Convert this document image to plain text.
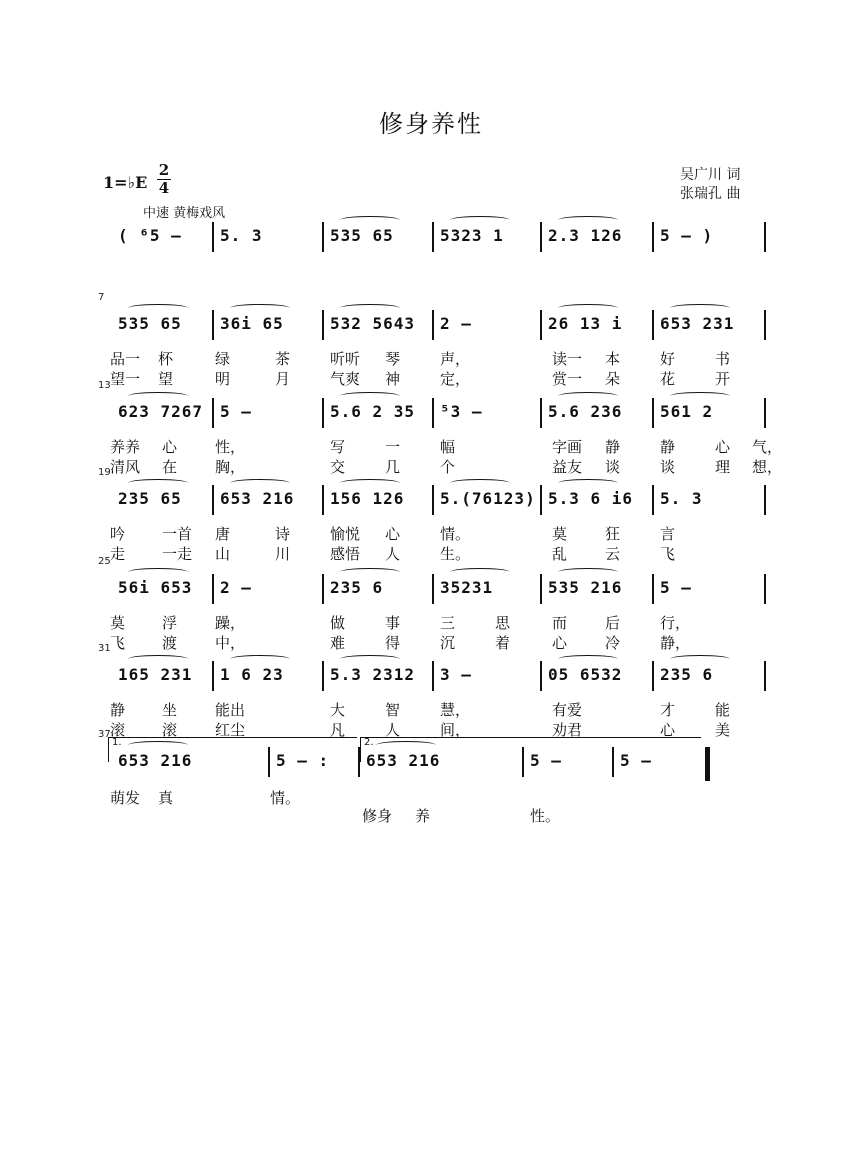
修身养性
1=♭E
2
4
吴广川 词
张瑞孔 曲
中速 黄梅戏风
( ⁶5 – 5. 3	535 65	5323 1	2.3 126 5 – )
7
535 65 36i 65	532 5643 2 –	26 13 i 653 231
品一 杯	绿	茶	听听 琴	声，	读一 本	好	书
望一 望	明	月	气爽 神	定，	赏一 朵	花	开
13
623 7267 5 –	5.6 2 35 ⁵3 –	5.6 236 561 2
养养 心	性，	写	一	幅	字画 静	静	心 气，
清风 在	胸，	交	几	个	益友 谈	谈	理 想，
19
235 65 653 216 156 126 5.(76123) 5.3 6 i6 5. 3
吟 一首 唐	诗	愉悦 心	情。	莫	狂	言
走 一走 山	川	感悟 人	生。	乱	云	飞
25
56i 653 2 –	235 6	35231	535 216 5 –
莫 浮	躁，	做	事	三	思	而	后	行，
飞 渡	中，	难	得	沉	着	心	冷	静，
31
165 231 1 6 23	5.3 2312 3 –	05 6532 235 6
静 坐	能出	大	智	慧，	有爱	才	能
滚 滚	红尘	凡	人	间，	劝君	心	美
37
653 216	5 – : 653 216	5 –	5 –
萌发 真	情。
修身 养	性。
1.	2.
